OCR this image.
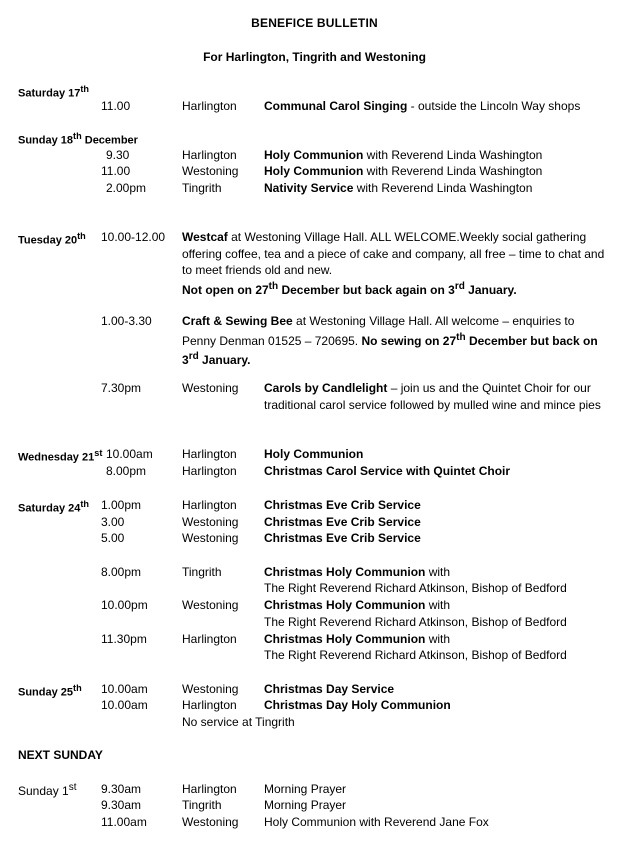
BENEFICE BULLETIN
For Harlington, Tingrith and Westoning
Saturday 17th
11.00	Harlington Communal Carol Singing - outside the Lincoln Way shops
Sunday 18th December
9.30	Harlington Holy Communion with Reverend Linda Washington
11.00	Westoning Holy Communion with Reverend Linda Washington
2.00pm	Tingrith	Nativity Service with Reverend Linda Washington
Tuesday 20th 10.00-12.00 Westcaf at Westoning Village Hall. ALL WELCOME.Weekly social gathering offering coffee, tea and a piece of cake and company, all free – time to chat and to meet friends old and new.
Not open on 27th December but back again on 3rd January.
1.00-3.30	Craft & Sewing Bee at Westoning Village Hall. All welcome – enquiries to Penny Denman 01525 – 720695. No sewing on 27th December but back on 3rd January.
7.30pm	Westoning Carols by Candlelight – join us and the Quintet Choir for our traditional carol service followed by mulled wine and mince pies
Wednesday 21st 10.00am Harlington Holy Communion
8.00pm	Harlington Christmas Carol Service with Quintet Choir
Saturday 24th 1.00pm	Harlington Christmas Eve Crib Service
3.00	Westoning Christmas Eve Crib Service
5.00	Westoning Christmas Eve Crib Service
8.00pm	Tingrith	Christmas Holy Communion with
The Right Reverend Richard Atkinson, Bishop of Bedford
10.00pm	Westoning Christmas Holy Communion with
The Right Reverend Richard Atkinson, Bishop of Bedford
11.30pm	Harlington Christmas Holy Communion with
The Right Reverend Richard Atkinson, Bishop of Bedford
Sunday 25th 10.00am	Westoning Christmas Day Service
10.00am	Harlington Christmas Day Holy Communion
No service at Tingrith
NEXT SUNDAY
Sunday 1st 9.30am	Harlington Morning Prayer
9.30am	Tingrith	Morning Prayer
11.00am	Westoning Holy Communion with Reverend Jane Fox
